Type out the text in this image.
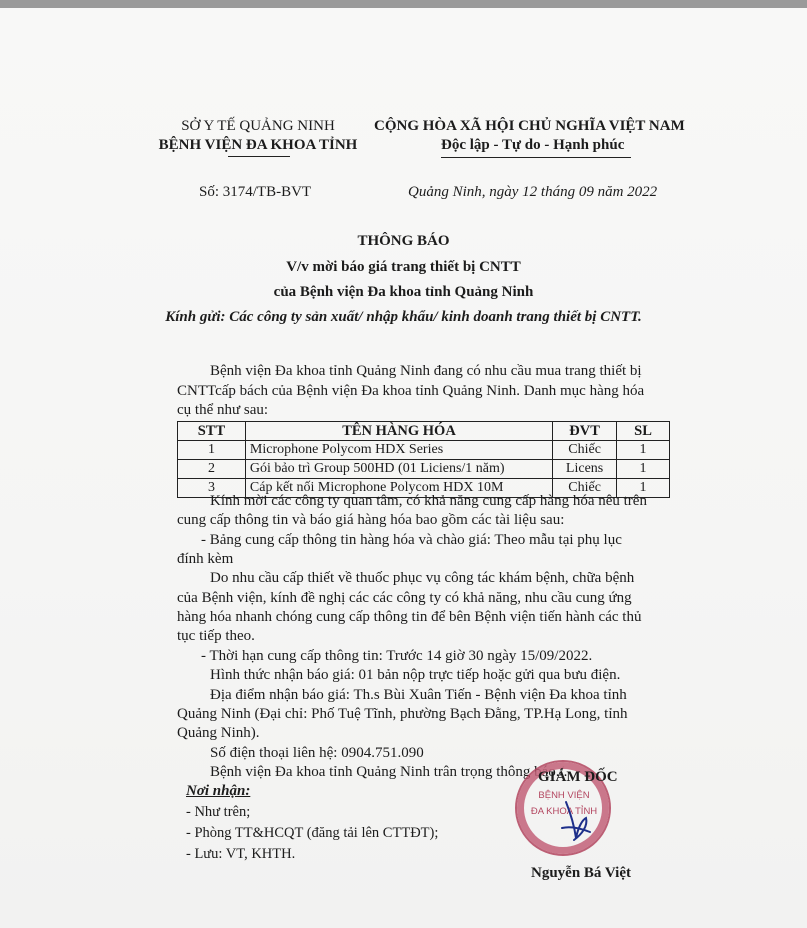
SỞ Y TẾ QUẢNG NINH
BỆNH VIỆN ĐA KHOA TỈNH
CỘNG HÒA XÃ HỘI CHỦ NGHĨA VIỆT NAM
Độc lập - Tự do - Hạnh phúc
Số: 3174/TB-BVT	Quảng Ninh, ngày 12 tháng 09 năm 2022
THÔNG BÁO
V/v mời báo giá trang thiết bị CNTT
của Bệnh viện Đa khoa tỉnh Quảng Ninh
Kính gửi: Các công ty sản xuất/ nhập khẩu/ kinh doanh trang thiết bị CNTT.
Bệnh viện Đa khoa tỉnh Quảng Ninh đang có nhu cầu mua trang thiết bị
CNTTcấp bách của Bệnh viện Đa khoa tỉnh Quảng Ninh. Danh mục hàng hóa
cụ thể như sau:
STT	TÊN HÀNG HÓA	ĐVT	SL
1	Microphone Polycom HDX Series	Chiếc	1
2	Gói bảo trì Group 500HD (01 Liciens/1 năm)	Licens	1
3	Cáp kết nối Microphone Polycom HDX 10M	Chiếc	1
Kính mời các công ty quan tâm, có khả năng cung cấp hàng hóa nêu trên
cung cấp thông tin và báo giá hàng hóa bao gồm các tài liệu sau:
- Bảng cung cấp thông tin hàng hóa và chào giá: Theo mẫu tại phụ lục
đính kèm
Do nhu cầu cấp thiết về thuốc phục vụ công tác khám bệnh, chữa bệnh
của Bệnh viện, kính đề nghị các các công ty có khả năng, nhu cầu cung ứng
hàng hóa nhanh chóng cung cấp thông tin để bên Bệnh viện tiến hành các thủ
tục tiếp theo.
- Thời hạn cung cấp thông tin: Trước 14 giờ 30 ngày 15/09/2022.
Hình thức nhận báo giá: 01 bản nộp trực tiếp hoặc gửi qua bưu điện.
Địa điểm nhận báo giá: Th.s Bùi Xuân Tiến - Bệnh viện Đa khoa tỉnh
Quảng Ninh (Đại chỉ: Phố Tuệ Tĩnh, phường Bạch Đằng, TP.Hạ Long, tỉnh
Quảng Ninh).
Số điện thoại liên hệ: 0904.751.090
Bệnh viện Đa khoa tỉnh Quảng Ninh trân trọng thông báo./.
Nơi nhận:
- Như trên;
- Phòng TT&HCQT (đăng tải lên CTTĐT);
- Lưu: VT, KHTH.
BỆNH VIỆN
ĐA KHOA TỈNH
GIÁM ĐỐC
Nguyễn Bá Việt
